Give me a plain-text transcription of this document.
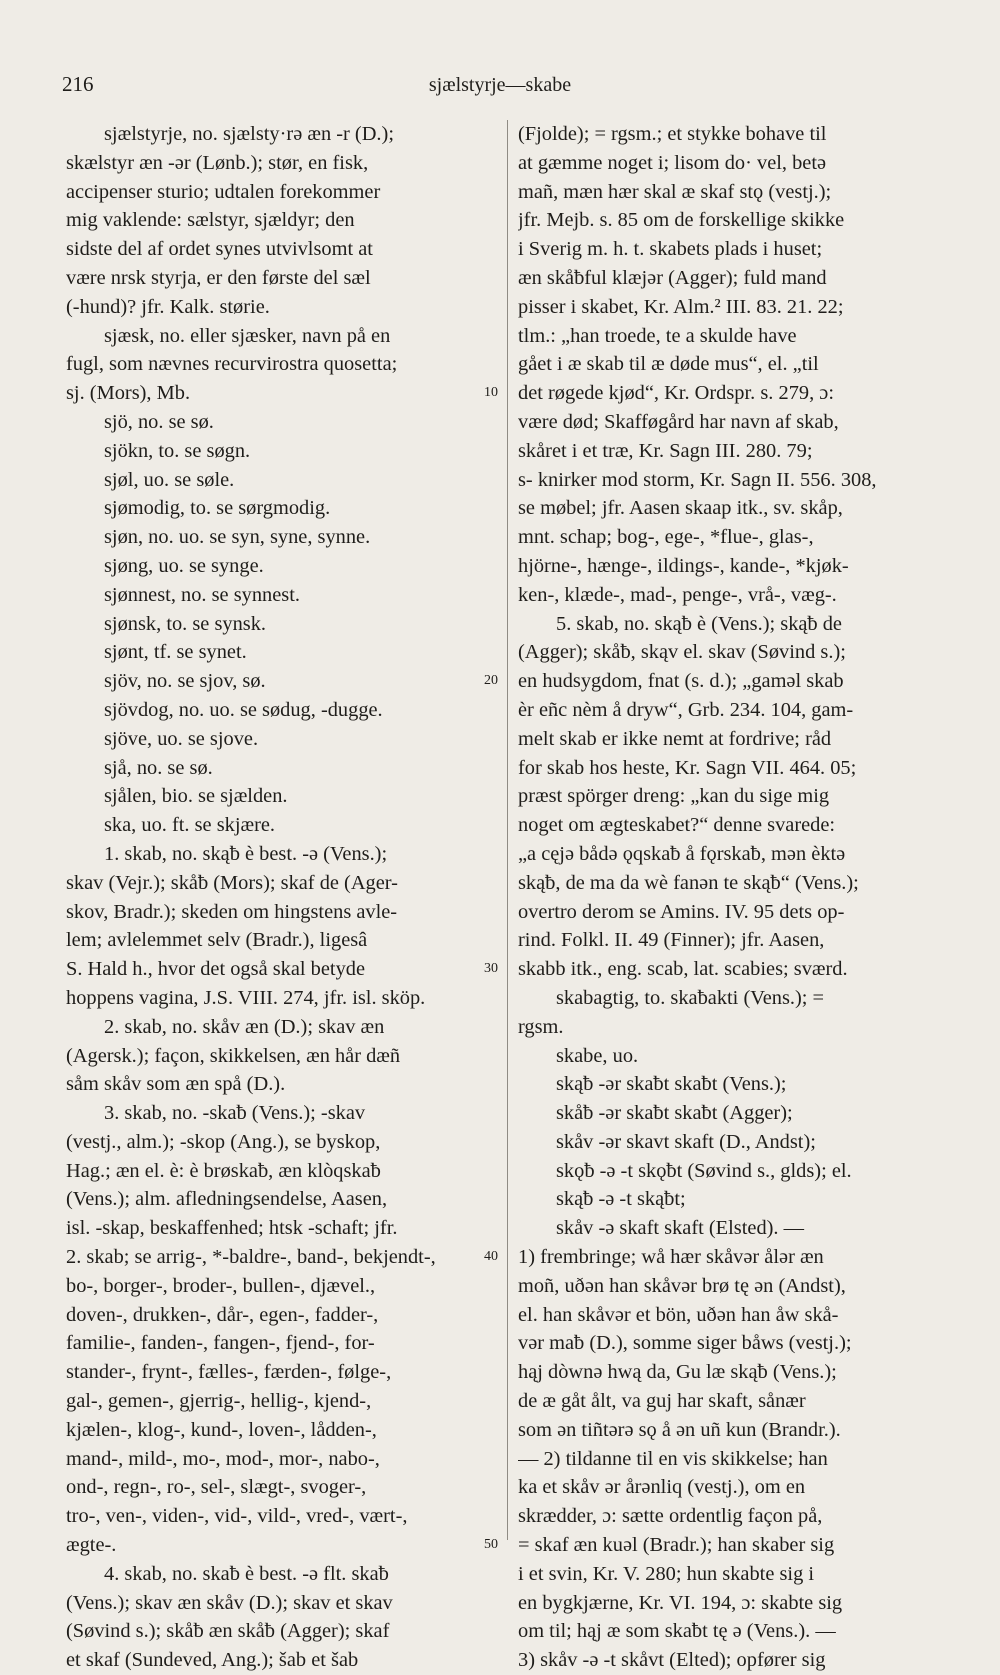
216	sjælstyrje—skabe
sjælstyrje, no. sjælsty·rə æn -r (D.);
skælstyr æn -ər (Lønb.); stør, en fisk,
accipenser sturio; udtalen forekommer
mig vaklende: sælstyr, sjældyr; den
sidste del af ordet synes utvivlsomt at
være nrsk styrja, er den første del sæl
(-hund)? jfr. Kalk. størie.
sjæsk, no. eller sjæsker, navn på en
fugl, som nævnes recurvirostra quosetta;
sj. (Mors), Mb.
sjö, no. se sø.
sjökn, to. se søgn.
sjøl, uo. se søle.
sjømodig, to. se sørgmodig.
sjøn, no. uo. se syn, syne, synne.
sjøng, uo. se synge.
sjønnest, no. se synnest.
sjønsk, to. se synsk.
sjønt, tf. se synet.
sjöv, no. se sjov, sø.
sjövdog, no. uo. se sødug, -dugge.
sjöve, uo. se sjove.
sjå, no. se sø.
sjålen, bio. se sjælden.
ska, uo. ft. se skjære.
1. skab, no. skąƀ è best. -ə (Vens.);
skav (Vejr.); skåƀ (Mors); skaf de (Ager-
skov, Bradr.); skeden om hingstens avle-
lem; avlelemmet selv (Bradr.), ligesâ
S. Hald h., hvor det også skal betyde
hoppens vagina, J.S. VIII. 274, jfr. isl. sköp.
2. skab, no. skåv æn (D.); skav æn
(Agersk.); façon, skikkelsen, æn hår dæñ
såm skåv som æn spå (D.).
3. skab, no. -skaƀ (Vens.); -skav
(vestj., alm.); -skop (Ang.), se byskop,
Hag.; æn el. è: è brøskaƀ, æn klòqskaƀ
(Vens.); alm. afledningsendelse, Aasen,
isl. -skap, beskaffenhed; htsk -schaft; jfr.
2. skab; se arrig-, *-baldre-, band-, bekjendt-,
bo-, borger-, broder-, bullen-, djævel.,
doven-, drukken-, dår-, egen-, fadder-,
familie-, fanden-, fangen-, fjend-, for-
stander-, frynt-, fælles-, færden-, følge-,
gal-, gemen-, gjerrig-, hellig-, kjend-,
kjælen-, klog-, kund-, loven-, lådden-,
mand-, mild-, mo-, mod-, mor-, nabo-,
ond-, regn-, ro-, sel-, slægt-, svoger-,
tro-, ven-, viden-, vid-, vild-, vred-, vært-,
ægte-.
4. skab, no. skaƀ è best. -ə flt. skaƀ
(Vens.); skav æn skåv (D.); skav et skav
(Søvind s.); skåƀ æn skåƀ (Agger); skaf
et skaf (Sundeved, Ang.); šab et šab
(Fjolde); = rgsm.; et stykke bohave til
at gæmme noget i; lisom do· vel, betə
mañ, mæn hær skal æ skaf stǫ (vestj.);
jfr. Mejb. s. 85 om de forskellige skikke
i Sverig m. h. t. skabets plads i huset;
æn skåƀful klæjər (Agger); fuld mand
pisser i skabet, Kr. Alm.² III. 83. 21. 22;
tlm.: „han troede, te a skulde have
gået i æ skab til æ døde mus“, el. „til
det røgede kjød“, Kr. Ordspr. s. 279, ɔ:
være død; Skafføgård har navn af skab,
skåret i et træ, Kr. Sagn III. 280. 79;
s- knirker mod storm, Kr. Sagn II. 556. 308,
se møbel; jfr. Aasen skaap itk., sv. skåp,
mnt. schap; bog-, ege-, *flue-, glas-,
hjörne-, hænge-, ildings-, kande-, *kjøk-
ken-, klæde-, mad-, penge-, vrå-, væg-.
5. skab, no. skąƀ è (Vens.); skąƀ de
(Agger); skåƀ, skąv el. skav (Søvind s.);
en hudsygdom, fnat (s. d.); „gaməl skab
èr eñc nèm å dryw“, Grb. 234. 104, gam-
melt skab er ikke nemt at fordrive; råd
for skab hos heste, Kr. Sagn VII. 464. 05;
præst spörger dreng: „kan du sige mig
noget om ægteskabet?“ denne svarede:
„a cęjə bådə ǫqskaƀ å fǫrskaƀ, mən èktə
skąƀ, de ma da wè fanən te skąƀ“ (Vens.);
overtro derom se Amins. IV. 95 dets op-
rind. Folkl. II. 49 (Finner); jfr. Aasen,
skabb itk., eng. scab, lat. scabies; sværd.
skabagtig, to. skaƀakti (Vens.); =
rgsm.
skabe, uo.
skąƀ -ər skaƀt skaƀt (Vens.);
skåƀ -ər skaƀt skaƀt (Agger);
skåv -ər skavt skaft (D., Andst);
skǫƀ -ə -t skǫƀt (Søvind s., glds); el.
skąƀ -ə -t skąƀt;
skåv -ə skaft skaft (Elsted). —
1) frembringe; wå hær skåvər ålər æn
moñ, uðən han skåvər brø tę ən (Andst),
el. han skåvər et bön, uðən han åw skå-
vər maƀ (D.), somme siger båws (vestj.);
hąj dòwnə hwą da, Gu læ skąƀ (Vens.);
de æ gåt ålt, va guj har skaft, sånær
som ən tiñtərə sǫ å ən uñ kun (Brandr.).
— 2) tildanne til en vis skikkelse; han
ka et skåv ər årənliq (vestj.), om en
skrædder, ɔ: sætte ordentlig façon på,
= skaf æn kuəl (Bradr.); han skaber sig
i et svin, Kr. V. 280; hun skabte sig i
en bygkjærne, Kr. VI. 194, ɔ: skabte sig
om til; hąj æ som skaƀt tę ə (Vens.). —
3) skåv -ə -t skåvt (Elted); opfører sig
10
20
30
40
50
